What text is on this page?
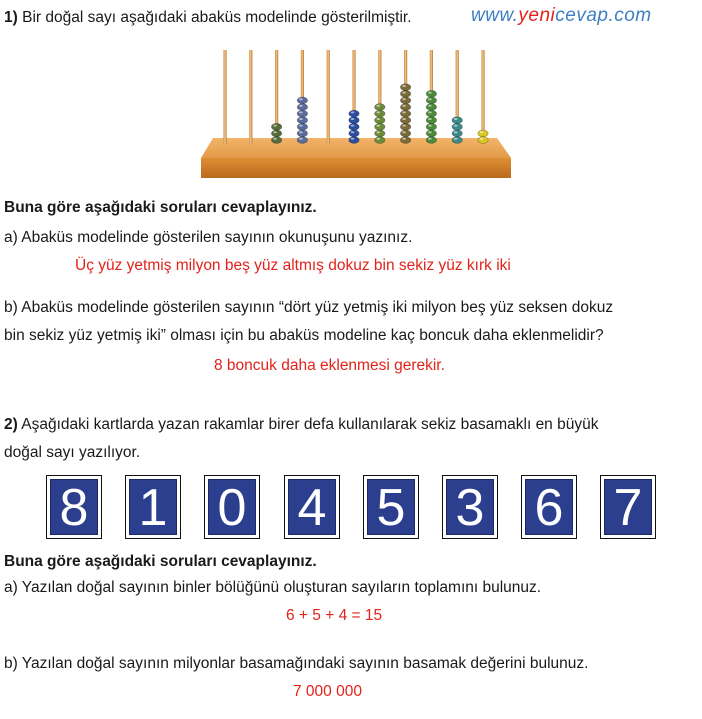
1) Bir doğal sayı aşağıdaki abaküs modelinde gösterilmiştir.	www.yenicevap.com
Buna göre aşağıdaki soruları cevaplayınız.
a) Abaküs modelinde gösterilen sayının okunuşunu yazınız.
Üç yüz yetmiş milyon beş yüz altmış dokuz bin sekiz yüz kırk iki
b) Abaküs modelinde gösterilen sayının “dört yüz yetmiş iki milyon beş yüz seksen dokuz
bin sekiz yüz yetmiş iki” olması için bu abaküs modeline kaç boncuk daha eklenmelidir?
8 boncuk daha eklenmesi gerekir.
2) Aşağıdaki kartlarda yazan rakamlar birer defa kullanılarak sekiz basamaklı en büyük
doğal sayı yazılıyor.
8 1 0 4 5 3 6 7
Buna göre aşağıdaki soruları cevaplayınız.
a) Yazılan doğal sayının binler bölüğünü oluşturan sayıların toplamını bulunuz.
6 + 5 + 4 = 15
b) Yazılan doğal sayının milyonlar basamağındaki sayının basamak değerini bulunuz.
7 000 000
